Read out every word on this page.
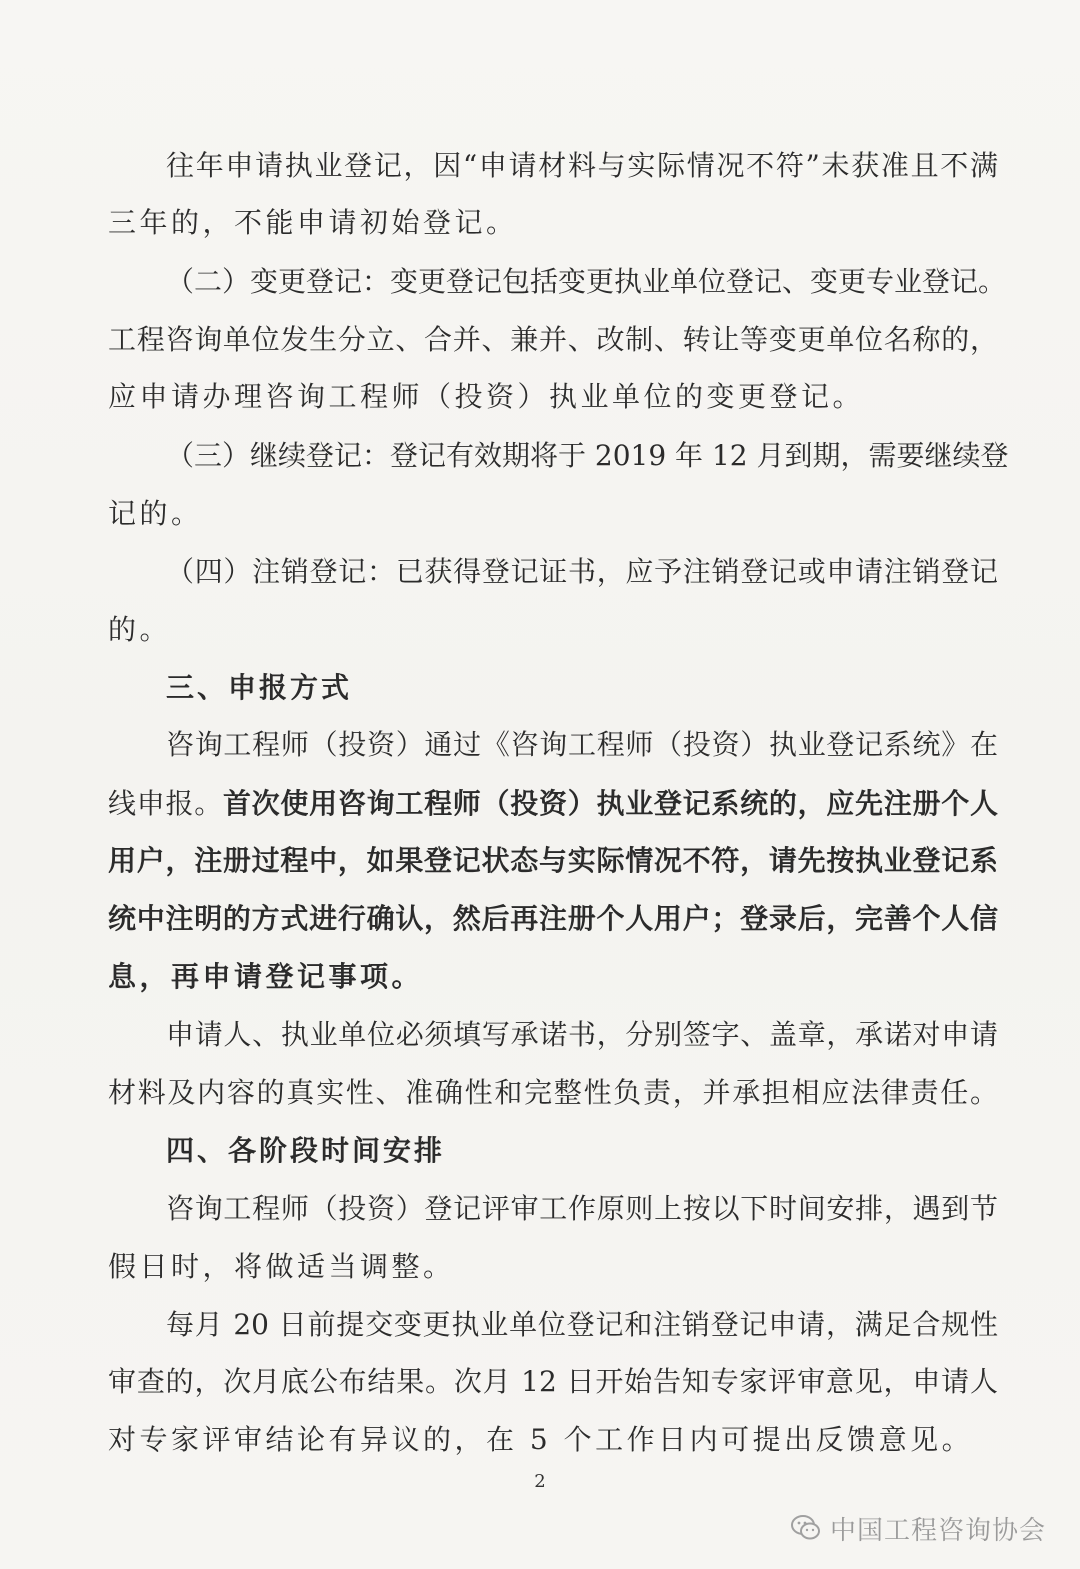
往年申请执业登记，因“申请材料与实际情况不符”未获准且不满
三年的，不能申请初始登记。
（二）变更登记：变更登记包括变更执业单位登记、变更专业登记。
工程咨询单位发生分立、合并、兼并、改制、转让等变更单位名称的，
应申请办理咨询工程师（投资）执业单位的变更登记。
（三）继续登记：登记有效期将于 2019 年 12 月到期，需要继续登
记的。
（四）注销登记：已获得登记证书，应予注销登记或申请注销登记
的。
三、申报方式
咨询工程师（投资）通过《咨询工程师（投资）执业登记系统》在
线申报。首次使用咨询工程师（投资）执业登记系统的，应先注册个人
用户，注册过程中，如果登记状态与实际情况不符，请先按执业登记系
统中注明的方式进行确认，然后再注册个人用户；登录后，完善个人信
息，再申请登记事项。
申请人、执业单位必须填写承诺书，分别签字、盖章，承诺对申请
材料及内容的真实性、准确性和完整性负责，并承担相应法律责任。
四、各阶段时间安排
咨询工程师（投资）登记评审工作原则上按以下时间安排，遇到节
假日时，将做适当调整。
每月 20 日前提交变更执业单位登记和注销登记申请，满足合规性
审查的，次月底公布结果。次月 12 日开始告知专家评审意见，申请人
对专家评审结论有异议的，在 5 个工作日内可提出反馈意见。
2
中国工程咨询协会
